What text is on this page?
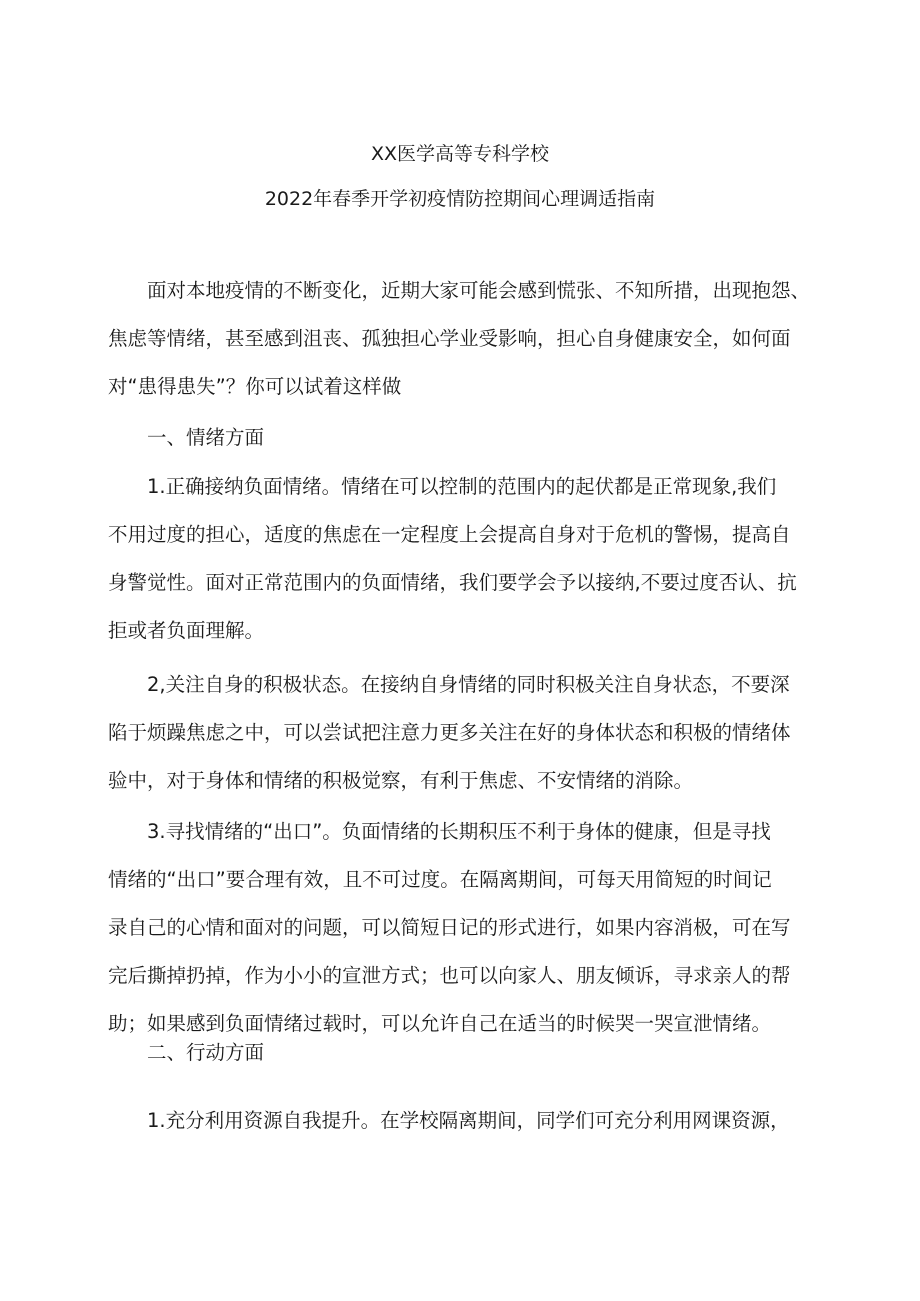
XX医学高等专科学校
2022年春季开学初疫情防控期间心理调适指南
面对本地疫情的不断变化，近期大家可能会感到慌张、不知所措，出现抱怨、
焦虑等情绪，甚至感到沮丧、孤独担心学业受影响，担心自身健康安全，如何面
对“患得患失”？你可以试着这样做
一、情绪方面
1.正确接纳负面情绪。情绪在可以控制的范围内的起伏都是正常现象,我们
不用过度的担心，适度的焦虑在一定程度上会提高自身对于危机的警惕，提高自
身警觉性。面对正常范围内的负面情绪，我们要学会予以接纳,不要过度否认、抗
拒或者负面理解。
2,关注自身的积极状态。在接纳自身情绪的同时积极关注自身状态，不要深
陷于烦躁焦虑之中，可以尝试把注意力更多关注在好的身体状态和积极的情绪体
验中，对于身体和情绪的积极觉察，有利于焦虑、不安情绪的消除。
3.寻找情绪的“出口”。负面情绪的长期积压不利于身体的健康，但是寻找
情绪的“出口”要合理有效，且不可过度。在隔离期间，可每天用简短的时间记
录自己的心情和面对的问题，可以简短日记的形式进行，如果内容消极，可在写
完后撕掉扔掉，作为小小的宣泄方式；也可以向家人、朋友倾诉，寻求亲人的帮
助；如果感到负面情绪过载时，可以允许自己在适当的时候哭一哭宣泄情绪。
二、行动方面
1.充分利用资源自我提升。在学校隔离期间，同学们可充分利用网课资源，
